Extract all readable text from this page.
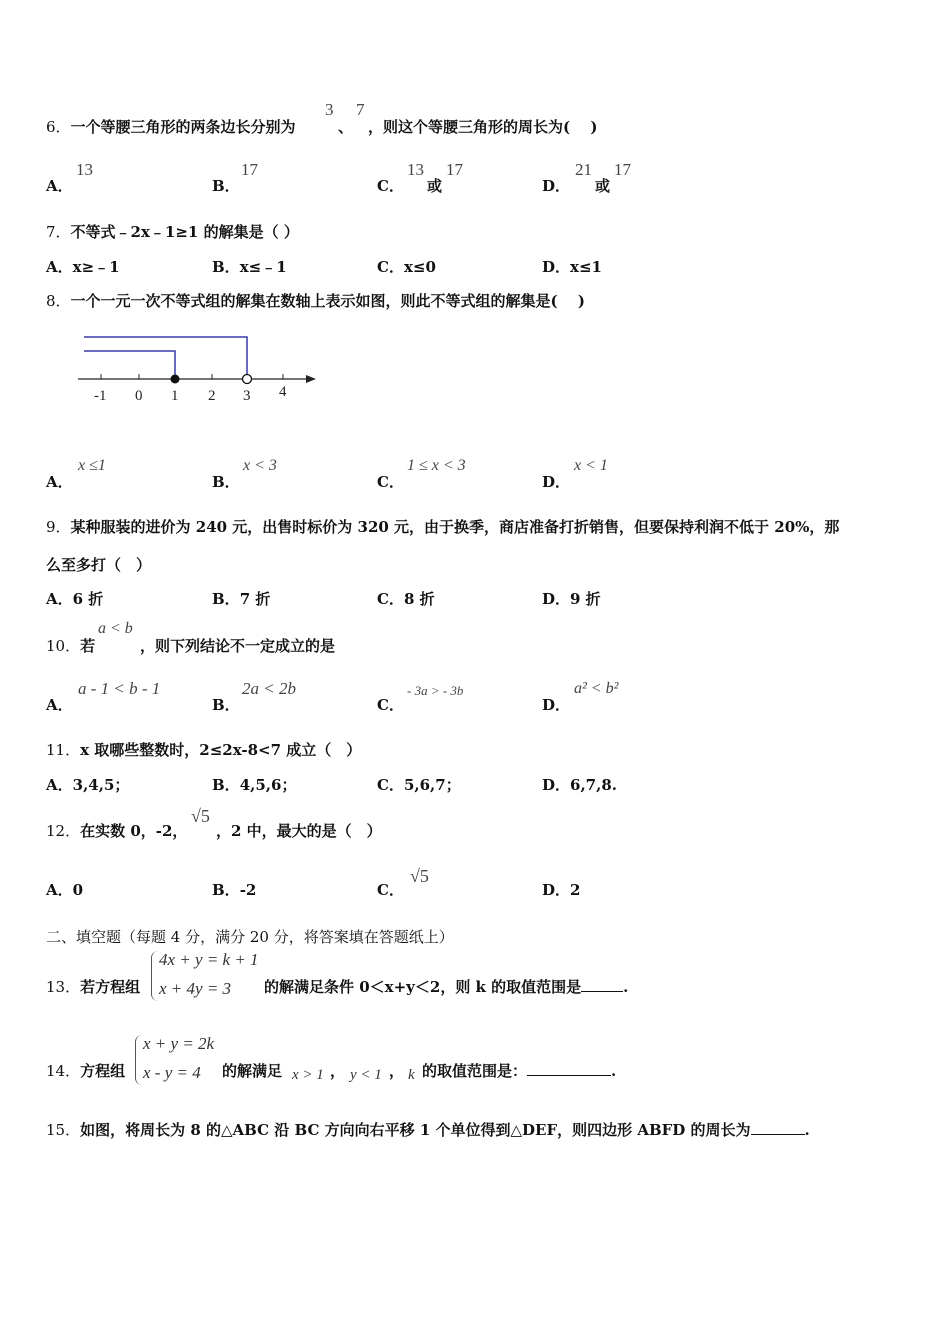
6．一个等腰三角形的两条边长分别为
3
、
7
，则这个等腰三角形的周长为(　 )
A．
13
B．
17
C．
13
或
17
D．
21
或
17
7．不等式﹣2x﹣1≥1 的解集是（ ）
A．x≥﹣1	B．x≤﹣1	C．x≤0	D．x≤1
8．一个一元一次不等式组的解集在数轴上表示如图，则此不等式组的解集是(　 )
-1 0 1 2 3 4
A．
x ≤1
B．
x < 3
C．
1 ≤ x < 3
D．
x < 1
9．某种服装的进价为 240 元，出售时标价为 320 元，由于换季，商店准备打折销售，但要保持利润不低于 20%，那
么至多打（　）
A．6 折	B．7 折	C．8 折	D．9 折
10．若
a < b
，则下列结论不一定成立的是
A．
a - 1 < b - 1
B．
2a < 2b
C．
- 3a > - 3b
D．
a² < b²
11．x 取哪些整数时，2≤2x-8<7 成立（　）
A．3,4,5；	B．4,5,6；	C．5,6,7；	D．6,7,8.
12．在实数 0，-2，
√5
，2 中，最大的是（　）
A．0	B．-2	C．
√5
D．2
二、填空题（每题 4 分，满分 20 分，将答案填在答题纸上）
13．若方程组
4x + y = k + 1
x + 4y = 3 的解满足条件 0＜x+y＜2，则 k 的取值范围是	.
14．方程组
x + y = 2k
x - y = 4 的解满足 x > 1 ， y < 1 ， k 的取值范围是：	.
15．如图，将周长为 8 的△ABC 沿 BC 方向向右平移 1 个单位得到△DEF，则四边形 ABFD 的周长为	.
